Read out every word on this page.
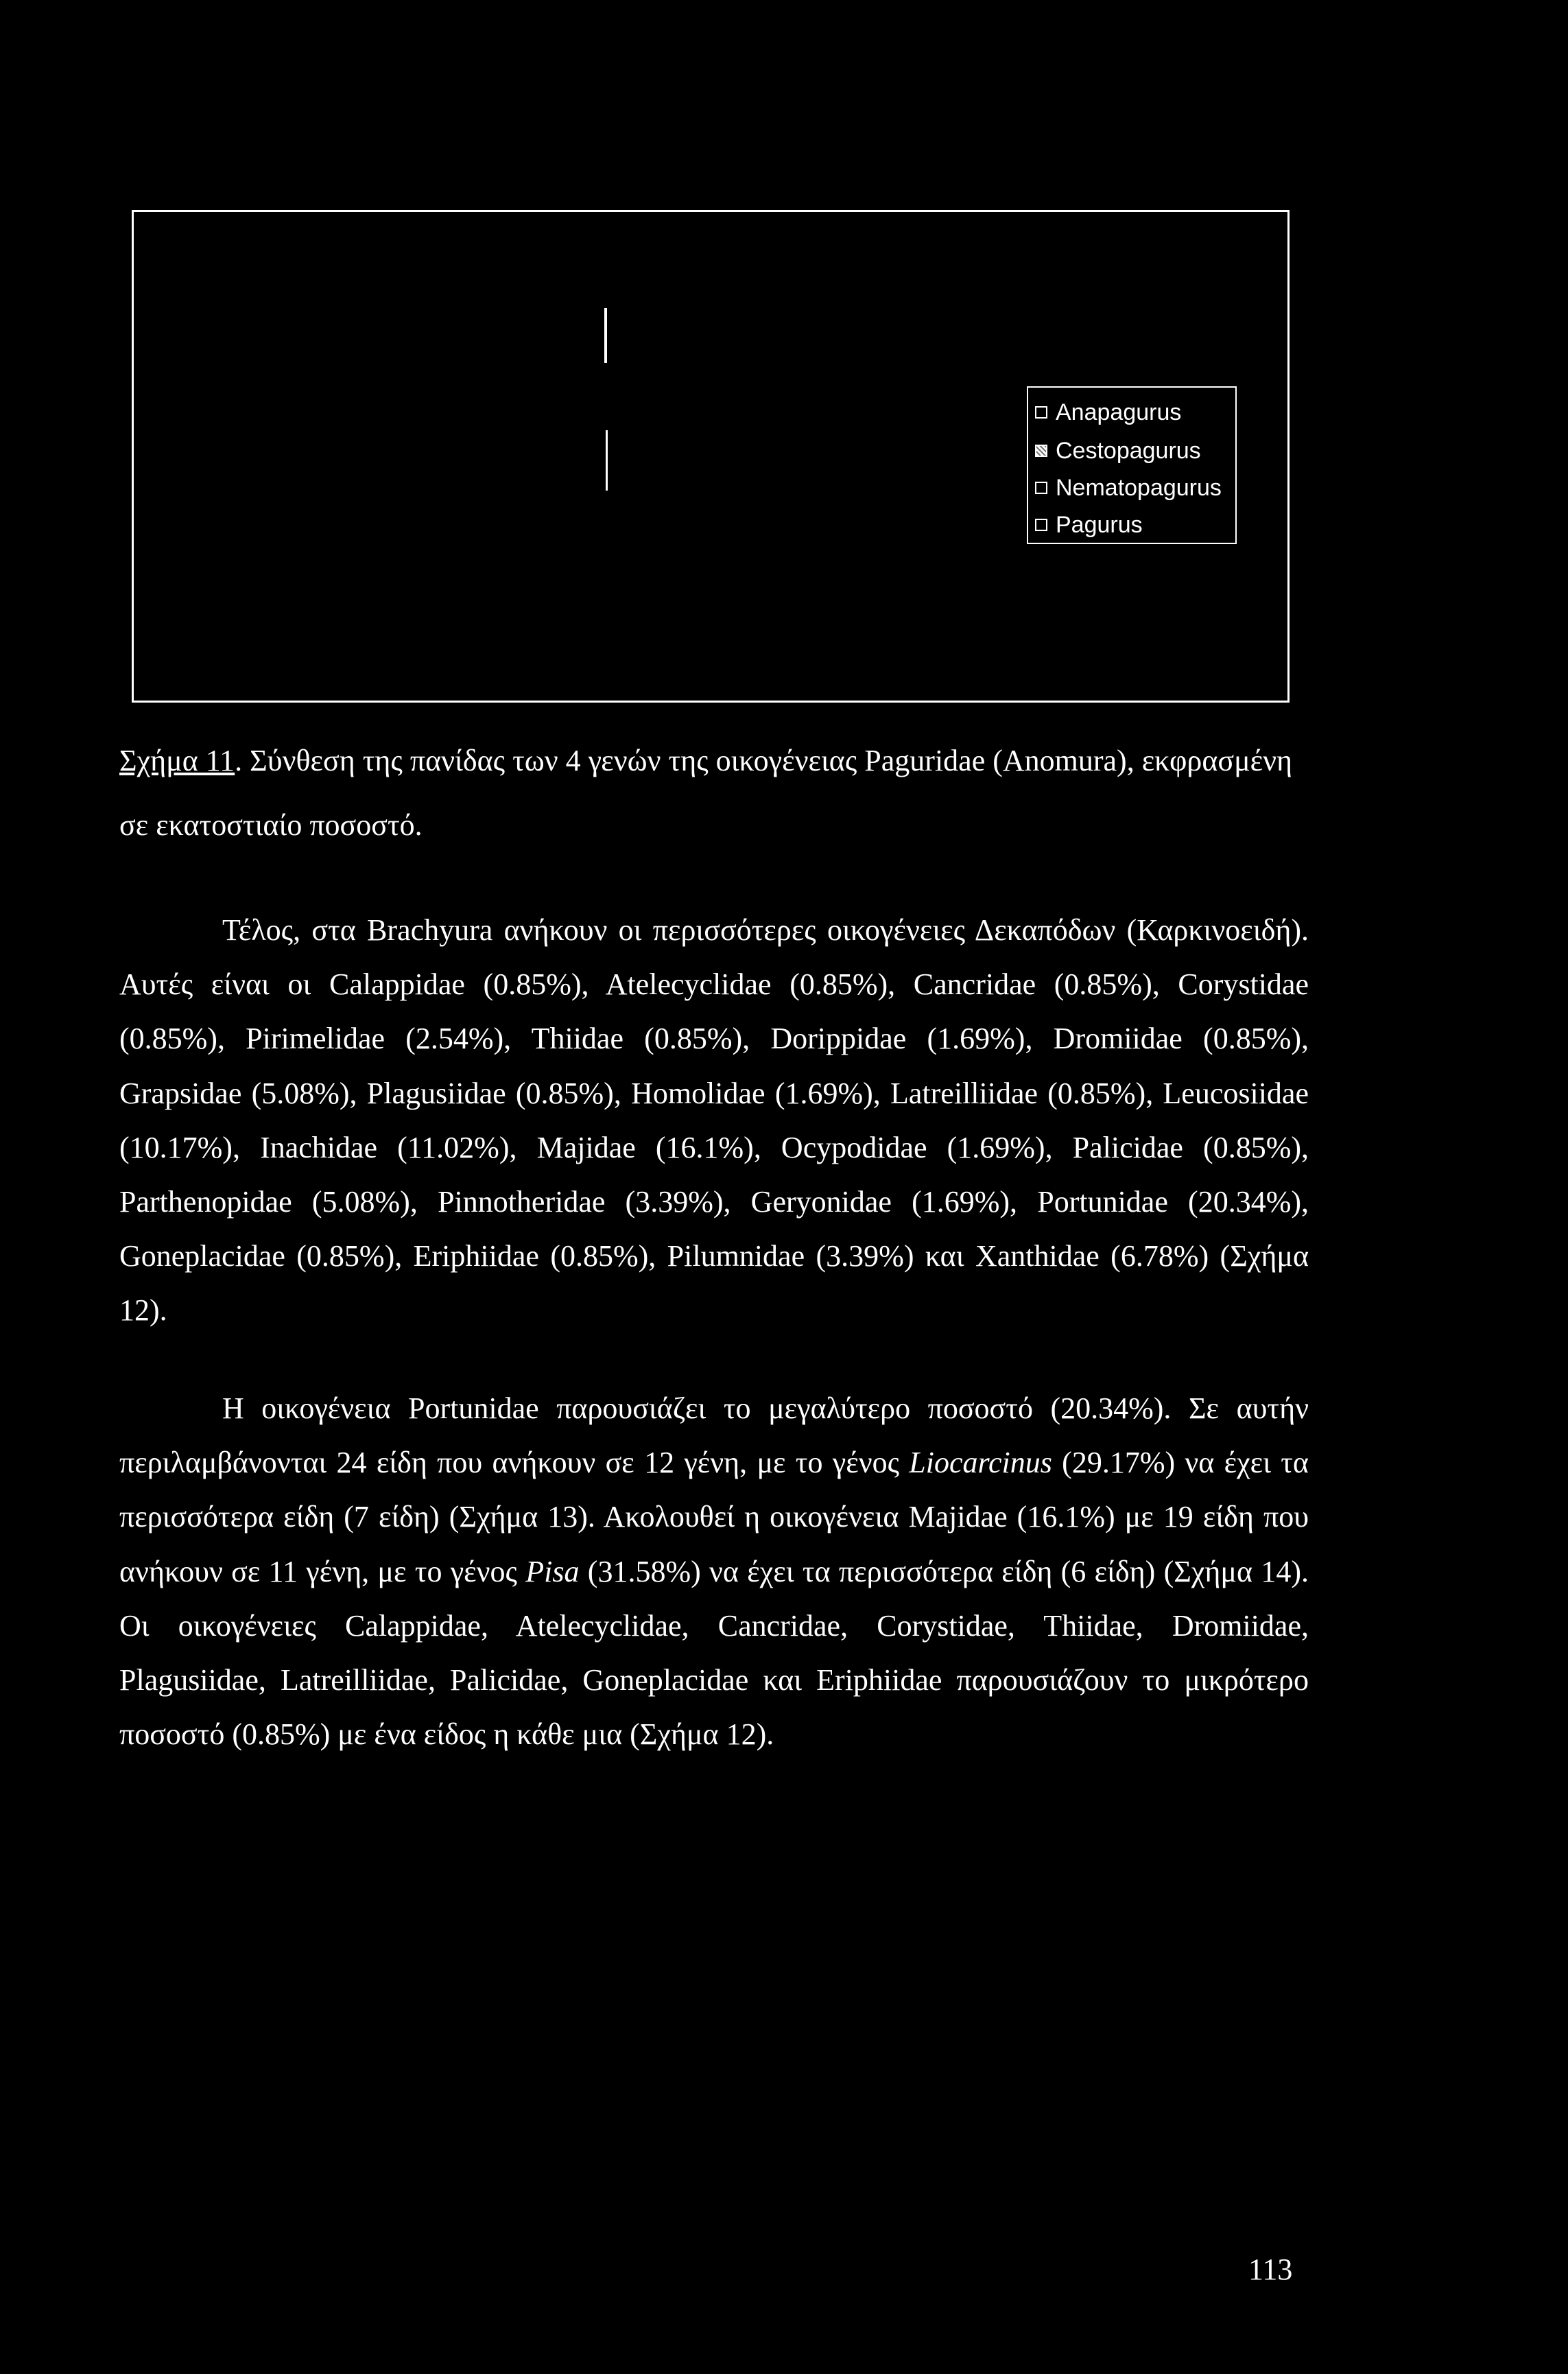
Anapagurus
Cestopagurus
Nematopagurus
Pagurus
Σχήμα 11. Σύνθεση της πανίδας των 4 γενών της οικογένειας Paguridae (Anomura), εκφρασμένη σε εκατοστιαίο ποσοστό.

Τέλος, στα Brachyura ανήκουν οι περισσότερες οικογένειες Δεκαπόδων (Καρκινοειδή). Αυτές είναι οι Calappidae (0.85%), Atelecyclidae (0.85%), Cancridae (0.85%), Corystidae (0.85%), Pirimelidae (2.54%), Thiidae (0.85%), Dorippidae (1.69%), Dromiidae (0.85%), Grapsidae (5.08%), Plagusiidae (0.85%), Homolidae (1.69%), Latreilliidae (0.85%), Leucosiidae (10.17%), Inachidae (11.02%), Majidae (16.1%), Ocypodidae (1.69%), Palicidae (0.85%), Parthenopidae (5.08%), Pinnotheridae (3.39%), Geryonidae (1.69%), Portunidae (20.34%), Goneplacidae (0.85%), Eriphiidae (0.85%), Pilumnidae (3.39%) και Xanthidae (6.78%) (Σχήμα 12).

Η οικογένεια Portunidae παρουσιάζει το μεγαλύτερο ποσοστό (20.34%). Σε αυτήν περιλαμβάνονται 24 είδη που ανήκουν σε 12 γένη, με το γένος Liocarcinus (29.17%) να έχει τα περισσότερα είδη (7 είδη) (Σχήμα 13). Ακολουθεί η οικογένεια Majidae (16.1%) με 19 είδη που ανήκουν σε 11 γένη, με το γένος Pisa (31.58%) να έχει τα περισσότερα είδη (6 είδη) (Σχήμα 14). Οι οικογένειες Calappidae, Atelecyclidae, Cancridae, Corystidae, Thiidae, Dromiidae, Plagusiidae, Latreilliidae, Palicidae, Goneplacidae και Eriphiidae παρουσιάζουν το μικρότερο ποσοστό (0.85%) με ένα είδος η κάθε μια (Σχήμα 12).

113
